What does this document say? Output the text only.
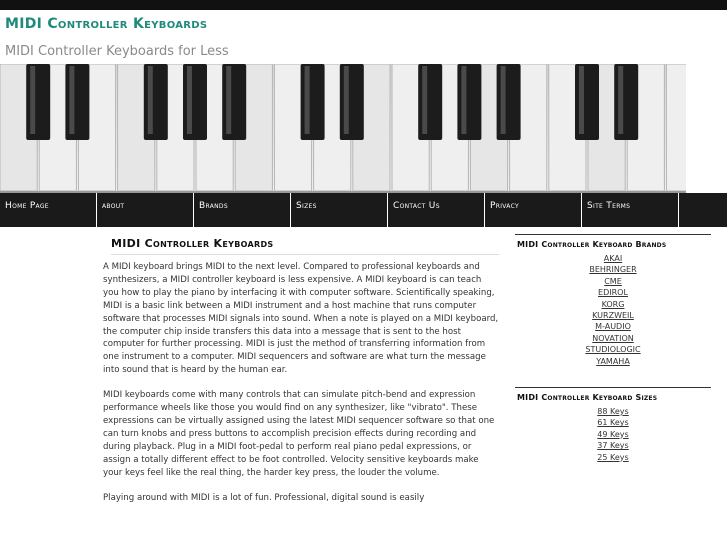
MIDI Controller Keyboards

MIDI Controller Keyboards for Less

Home Page	about	Brands	Sizes	Contact Us	Privacy	Site Terms
MIDI Controller Keyboards

A MIDI keyboard brings MIDI to the next level. Compared to professional keyboards and synthesizers, a MIDI controller keyboard is less expensive. A MIDI keyboard is can teach you how to play the piano by interfacing it with computer software. Scientifically speaking, MIDI is a basic link between a MIDI instrument and a host machine that runs computer software that processes MIDI signals into sound. When a note is played on a MIDI keyboard, the computer chip inside transfers this data into a message that is sent to the host computer for further processing. MIDI is just the method of transferring information from one instrument to a computer. MIDI sequencers and software are what turn the message into sound that is heard by the human ear.

MIDI keyboards come with many controls that can simulate pitch-bend and expression performance wheels like those you would find on any synthesizer, like "vibrato". These expressions can be virtually assigned using the latest MIDI sequencer software so that one can turn knobs and press buttons to accomplish precision effects during recording and during playback. Plug in a MIDI foot-pedal to perform real piano pedal expressions, or assign a totally different effect to be foot controlled. Velocity sensitive keyboards make your keys feel like the real thing, the harder key press, the louder the volume.

Playing around with MIDI is a lot of fun. Professional, digital sound is easily

MIDI Controller Keyboard Brands
AKAI
BEHRINGER
CME
EDIROL
KORG
KURZWEIL
M-AUDIO
NOVATION
STUDIOLOGIC
YAMAHA
MIDI Controller Keyboard Sizes
88 Keys
61 Keys
49 Keys
37 Keys
25 Keys
